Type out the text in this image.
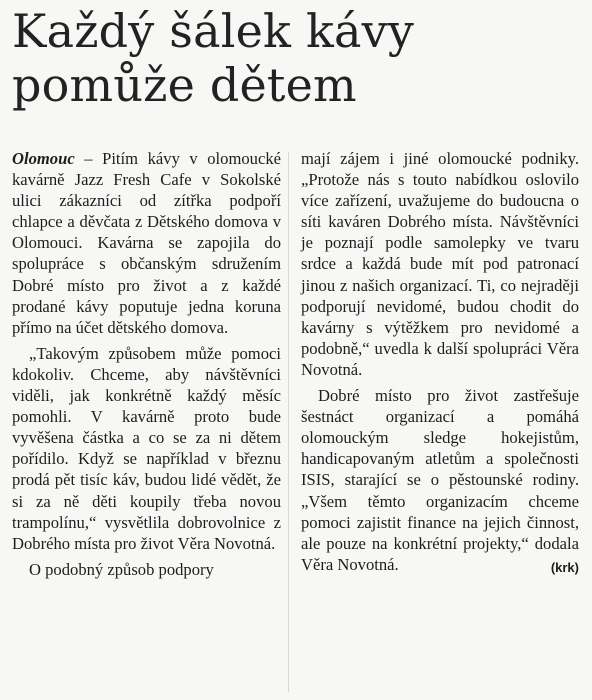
Každý šálek kávy
pomůže dětem

Olomouc – Pitím kávy v olomoucké kavárně Jazz Fresh Cafe v Sokolské ulici zákazníci od zítřka podpoří chlapce a děvčata z Dětského domova v Olomouci. Kavárna se zapojila do spolupráce s občanským sdružením Dobré místo pro život a z každé prodané kávy poputuje jedna koruna přímo na účet dětského domova.

„Takovým způsobem může pomoci kdokoliv. Chceme, aby návštěvníci viděli, jak konkrétně každý měsíc pomohli. V kavárně proto bude vyvěšena částka a co se za ni dětem pořídilo. Když se například v březnu prodá pět tisíc káv, budou lidé vědět, že si za ně děti koupily třeba novou trampolínu,“ vysvětlila dobrovolnice z Dobrého místa pro život Věra Novotná.

O podobný způsob podpory

mají zájem i jiné olomoucké podniky. „Protože nás s touto nabídkou oslovilo více zařízení, uvažujeme do budoucna o síti kaváren Dobrého místa. Návštěvníci je poznají podle samolepky ve tvaru srdce a každá bude mít pod patronací jinou z našich organizací. Ti, co nejraději podporují nevidomé, budou chodit do kavárny s výtěžkem pro nevidomé a podobně,“ uvedla k další spolupráci Věra Novotná.

Dobré místo pro život zastřešuje šestnáct organizací a pomáhá olomouckým sledge hokejistům, handicapovaným atletům a společnosti ISIS, starající se o pěstounské rodiny. „Všem těmto organizacím chceme pomoci zajistit finance na jejich činnost, ale pouze na konkrétní projekty,“ dodala Věra Novotná.	(krk)
